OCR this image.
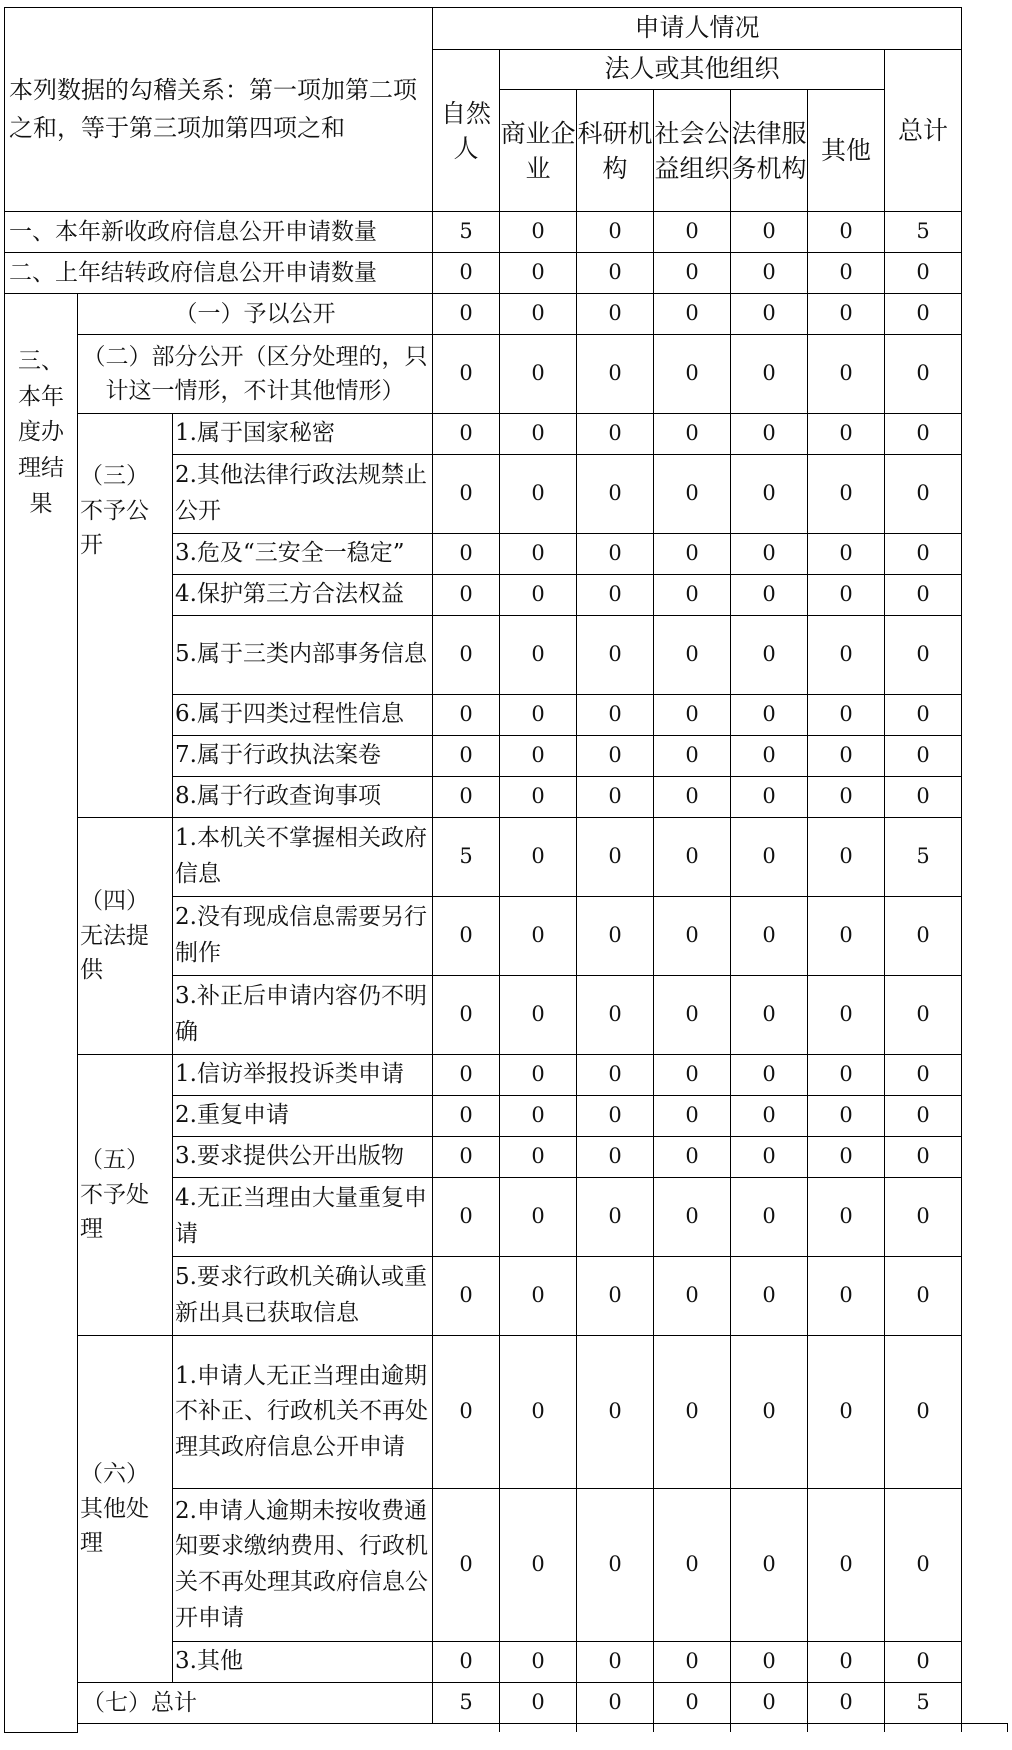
本列数据的勾稽关系：第一项加第二项之和，等于第三项加第四项之和			申请人情况							
			自然人	法人或其他组织					总计	
				商业企业	科研机构	社会公益组织	法律服务机构	其他		
一、本年新收政府信息公开申请数量			5	0	0	0	0	0	5	
二、上年结转政府信息公开申请数量			0	0	0	0	0	0	0	
三、本年度办理结果	（一）予以公开		0	0	0	0	0	0	0	
	（二）部分公开（区分处理的，只计这一情形，不计其他情形）		0	0	0	0	0	0	0	
	（三）不予公开	1.属于国家秘密	0	0	0	0	0	0	0	
		2.其他法律行政法规禁止公开	0	0	0	0	0	0	0	
		3.危及“三安全一稳定”	0	0	0	0	0	0	0	
		4.保护第三方合法权益	0	0	0	0	0	0	0	
		5.属于三类内部事务信息	0	0	0	0	0	0	0	
		6.属于四类过程性信息	0	0	0	0	0	0	0	
		7.属于行政执法案卷	0	0	0	0	0	0	0	
		8.属于行政查询事项	0	0	0	0	0	0	0	
	（四）无法提供	1.本机关不掌握相关政府信息	5	0	0	0	0	0	5	
		2.没有现成信息需要另行制作	0	0	0	0	0	0	0	
		3.补正后申请内容仍不明确	0	0	0	0	0	0	0	
	（五）不予处理	1.信访举报投诉类申请	0	0	0	0	0	0	0	
		2.重复申请	0	0	0	0	0	0	0	
		3.要求提供公开出版物	0	0	0	0	0	0	0	
		4.无正当理由大量重复申请	0	0	0	0	0	0	0	
		5.要求行政机关确认或重新出具已获取信息	0	0	0	0	0	0	0	
	（六）其他处理	1.申请人无正当理由逾期不补正、行政机关不再处理其政府信息公开申请	0	0	0	0	0	0	0	
		2.申请人逾期未按收费通知要求缴纳费用、行政机关不再处理其政府信息公开申请	0	0	0	0	0	0	0	
		3.其他	0	0	0	0	0	0	0	
	（七）总计		5	0	0	0	0	0	5	
